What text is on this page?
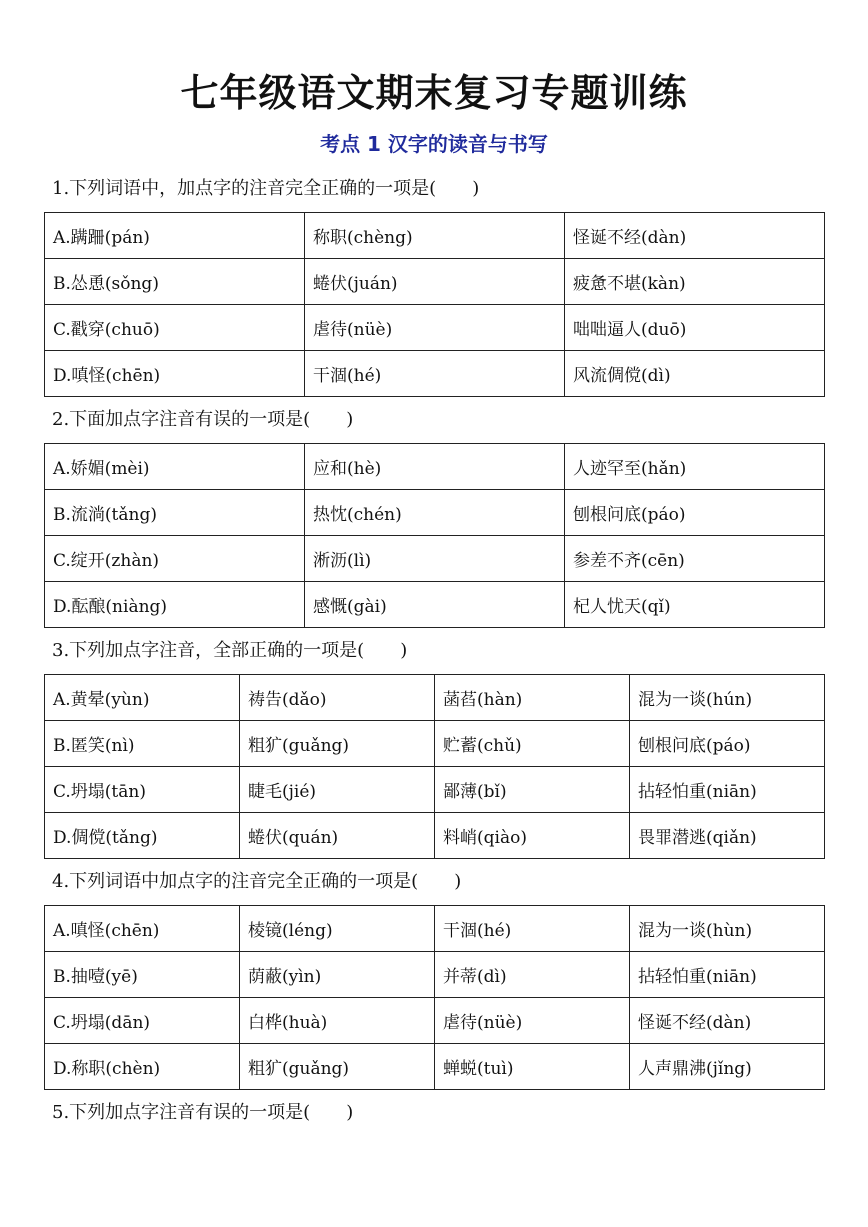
七年级语文期末复习专题训练
考点 1 汉字的读音与书写
1.下列词语中，加点字的注音完全正确的一项是(　　)
A.蹒跚(pán)	称职(chèng)	怪诞不经(dàn)
B.怂恿(sǒng)	蜷伏(juán)	疲惫不堪(kàn)
C.戳穿(chuō)	虐待(nüè)	咄咄逼人(duō)
D.嗔怪(chēn)	干涸(hé)	风流倜傥(dì)
2.下面加点字注音有误的一项是(　　)
A.娇媚(mèi)	应和(hè)	人迹罕至(hǎn)
B.流淌(tǎng)	热忱(chén)	刨根问底(páo)
C.绽开(zhàn)	淅沥(lì)	参差不齐(cēn)
D.酝酿(niàng)	感慨(gài)	杞人忧天(qǐ)
3.下列加点字注音，全部正确的一项是(　　)
A.黄晕(yùn)	祷告(dǎo)	菡萏(hàn)	混为一谈(hún)
B.匿笑(nì)	粗犷(guǎng)	贮蓄(chǔ)	刨根问底(páo)
C.坍塌(tān)	睫毛(jié)	鄙薄(bǐ)	拈轻怕重(niān)
D.倜傥(tǎng)	蜷伏(quán)	料峭(qiào)	畏罪潜逃(qiǎn)
4.下列词语中加点字的注音完全正确的一项是(　　)
A.嗔怪(chēn)	棱镜(léng)	干涸(hé)	混为一谈(hùn)
B.抽噎(yē)	荫蔽(yìn)	并蒂(dì)	拈轻怕重(niān)
C.坍塌(dān)	白桦(huà)	虐待(nüè)	怪诞不经(dàn)
D.称职(chèn)	粗犷(guǎng)	蝉蜕(tuì)	人声鼎沸(jǐng)
5.下列加点字注音有误的一项是(　　)
